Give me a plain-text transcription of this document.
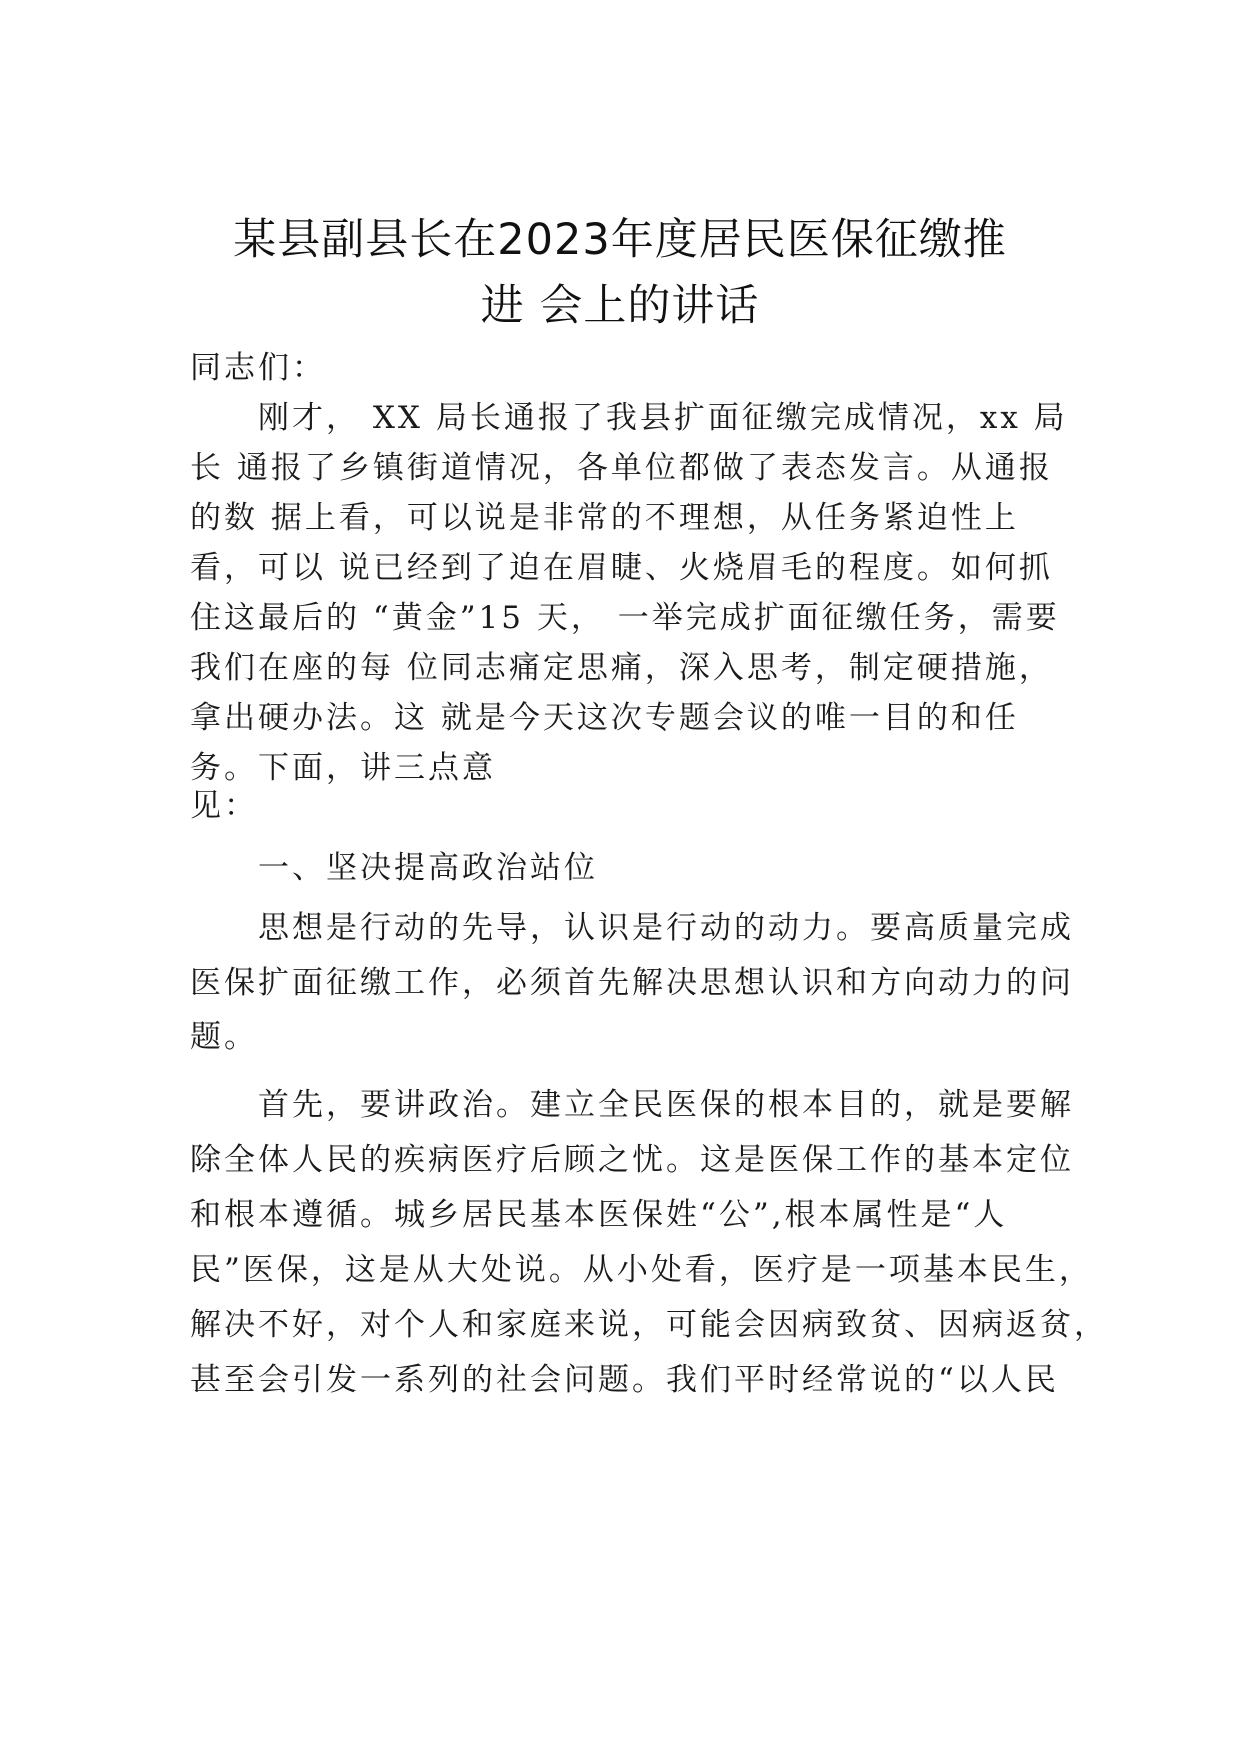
某县副县长在2023年度居民医保征缴推
进 会上的讲话

同志们：

刚才， XX 局长通报了我县扩面征缴完成情况，xx 局

长 通报了乡镇街道情况，各单位都做了表态发言。从通报

的数 据上看，可以说是非常的不理想，从任务紧迫性上

看，可以 说已经到了迫在眉睫、火烧眉毛的程度。如何抓

住这最后的 “黄金”15 天， 一举完成扩面征缴任务，需要

我们在座的每 位同志痛定思痛，深入思考，制定硬措施，

拿出硬办法。这 就是今天这次专题会议的唯一目的和任

务。下面，讲三点意

见：

一、坚决提高政治站位

思想是行动的先导，认识是行动的动力。要高质量完成

医保扩面征缴工作，必须首先解决思想认识和方向动力的问

题。

首先，要讲政治。建立全民医保的根本目的，就是要解

除全体人民的疾病医疗后顾之忧。这是医保工作的基本定位

和根本遵循。城乡居民基本医保姓“公”,根本属性是“人

民”医保，这是从大处说。从小处看，医疗是一项基本民生，

解决不好，对个人和家庭来说，可能会因病致贫、因病返贫，

甚至会引发一系列的社会问题。我们平时经常说的“以人民
